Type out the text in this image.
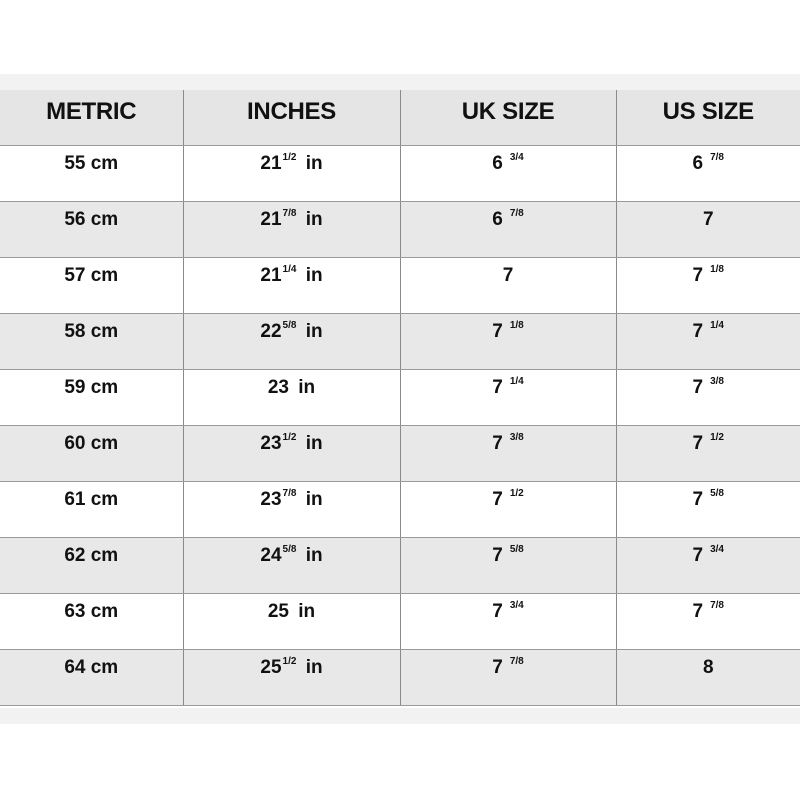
METRIC	INCHES	UK SIZE	US SIZE
55 cm	$21^{1/2}$ in	6 $^{3/4}$	6 $^{7/8}$
56 cm	$21^{7/8}$ in	6 $^{7/8}$	7
57 cm	$21^{1/4}$ in	7	7 $^{1/8}$
58 cm	$22^{5/8}$ in	7 $^{1/8}$	7 $^{1/4}$
59 cm	23 in	7 $^{1/4}$	7 $^{3/8}$
60 cm	$23^{1/2}$ in	7 $^{3/8}$	7 $^{1/2}$
61 cm	$23^{7/8}$ in	7 $^{1/2}$	7 $^{5/8}$
62 cm	$24^{5/8}$ in	7 $^{5/8}$	7 $^{3/4}$
63 cm	25 in	7 $^{3/4}$	7 $^{7/8}$
64 cm	$25^{1/2}$ in	7 $^{7/8}$	8
